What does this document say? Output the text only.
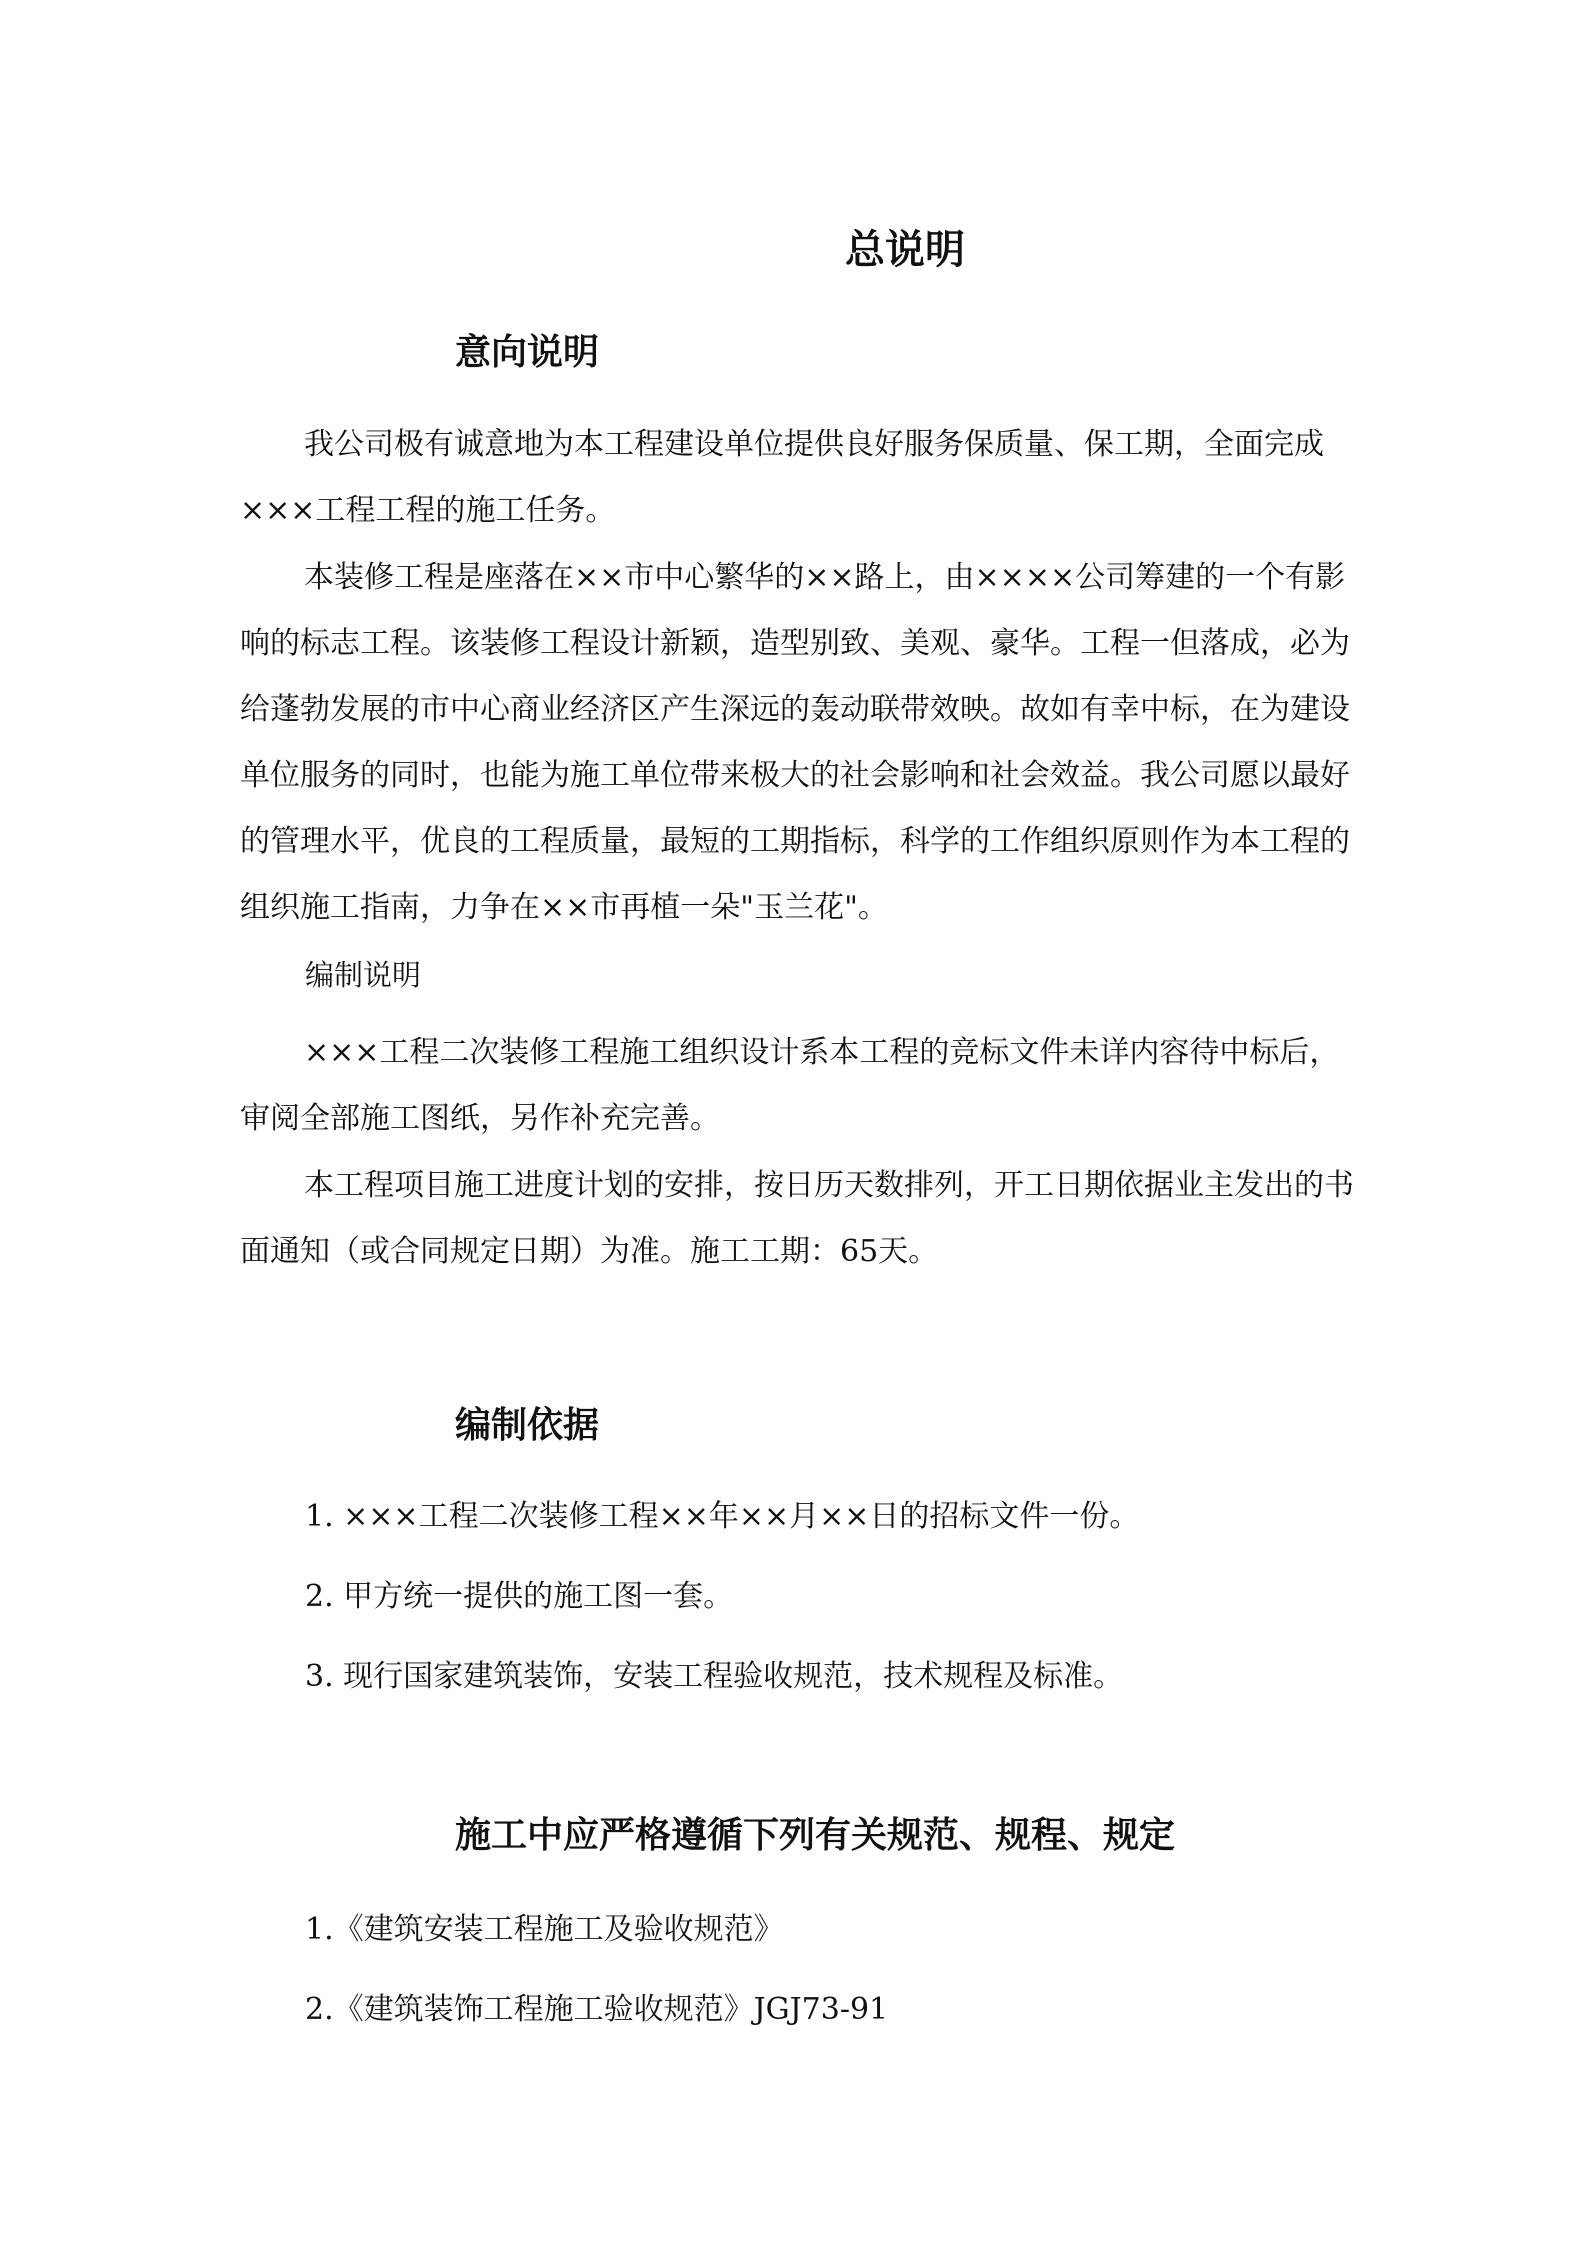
总说明
意向说明

我公司极有诚意地为本工程建设单位提供良好服务保质量、保工期，全面完成×××工程工程的施工任务。

本装修工程是座落在××市中心繁华的××路上，由××××公司筹建的一个有影响的标志工程。该装修工程设计新颖，造型别致、美观、豪华。工程一但落成，必为给蓬勃发展的市中心商业经济区产生深远的轰动联带效映。故如有幸中标，在为建设单位服务的同时，也能为施工单位带来极大的社会影响和社会效益。我公司愿以最好的管理水平，优良的工程质量，最短的工期指标，科学的工作组织原则作为本工程的组织施工指南，力争在××市再植一朵"玉兰花"。

编制说明

×××工程二次装修工程施工组织设计系本工程的竞标文件未详内容待中标后，审阅全部施工图纸，另作补充完善。

本工程项目施工进度计划的安排，按日历天数排列，开工日期依据业主发出的书面通知（或合同规定日期）为准。施工工期：65天。

编制依据

1. ×××工程二次装修工程××年××月××日的招标文件一份。

2. 甲方统一提供的施工图一套。

3. 现行国家建筑装饰，安装工程验收规范，技术规程及标准。

施工中应严格遵循下列有关规范、规程、规定

1.《建筑安装工程施工及验收规范》

2.《建筑装饰工程施工验收规范》JGJ73-91
